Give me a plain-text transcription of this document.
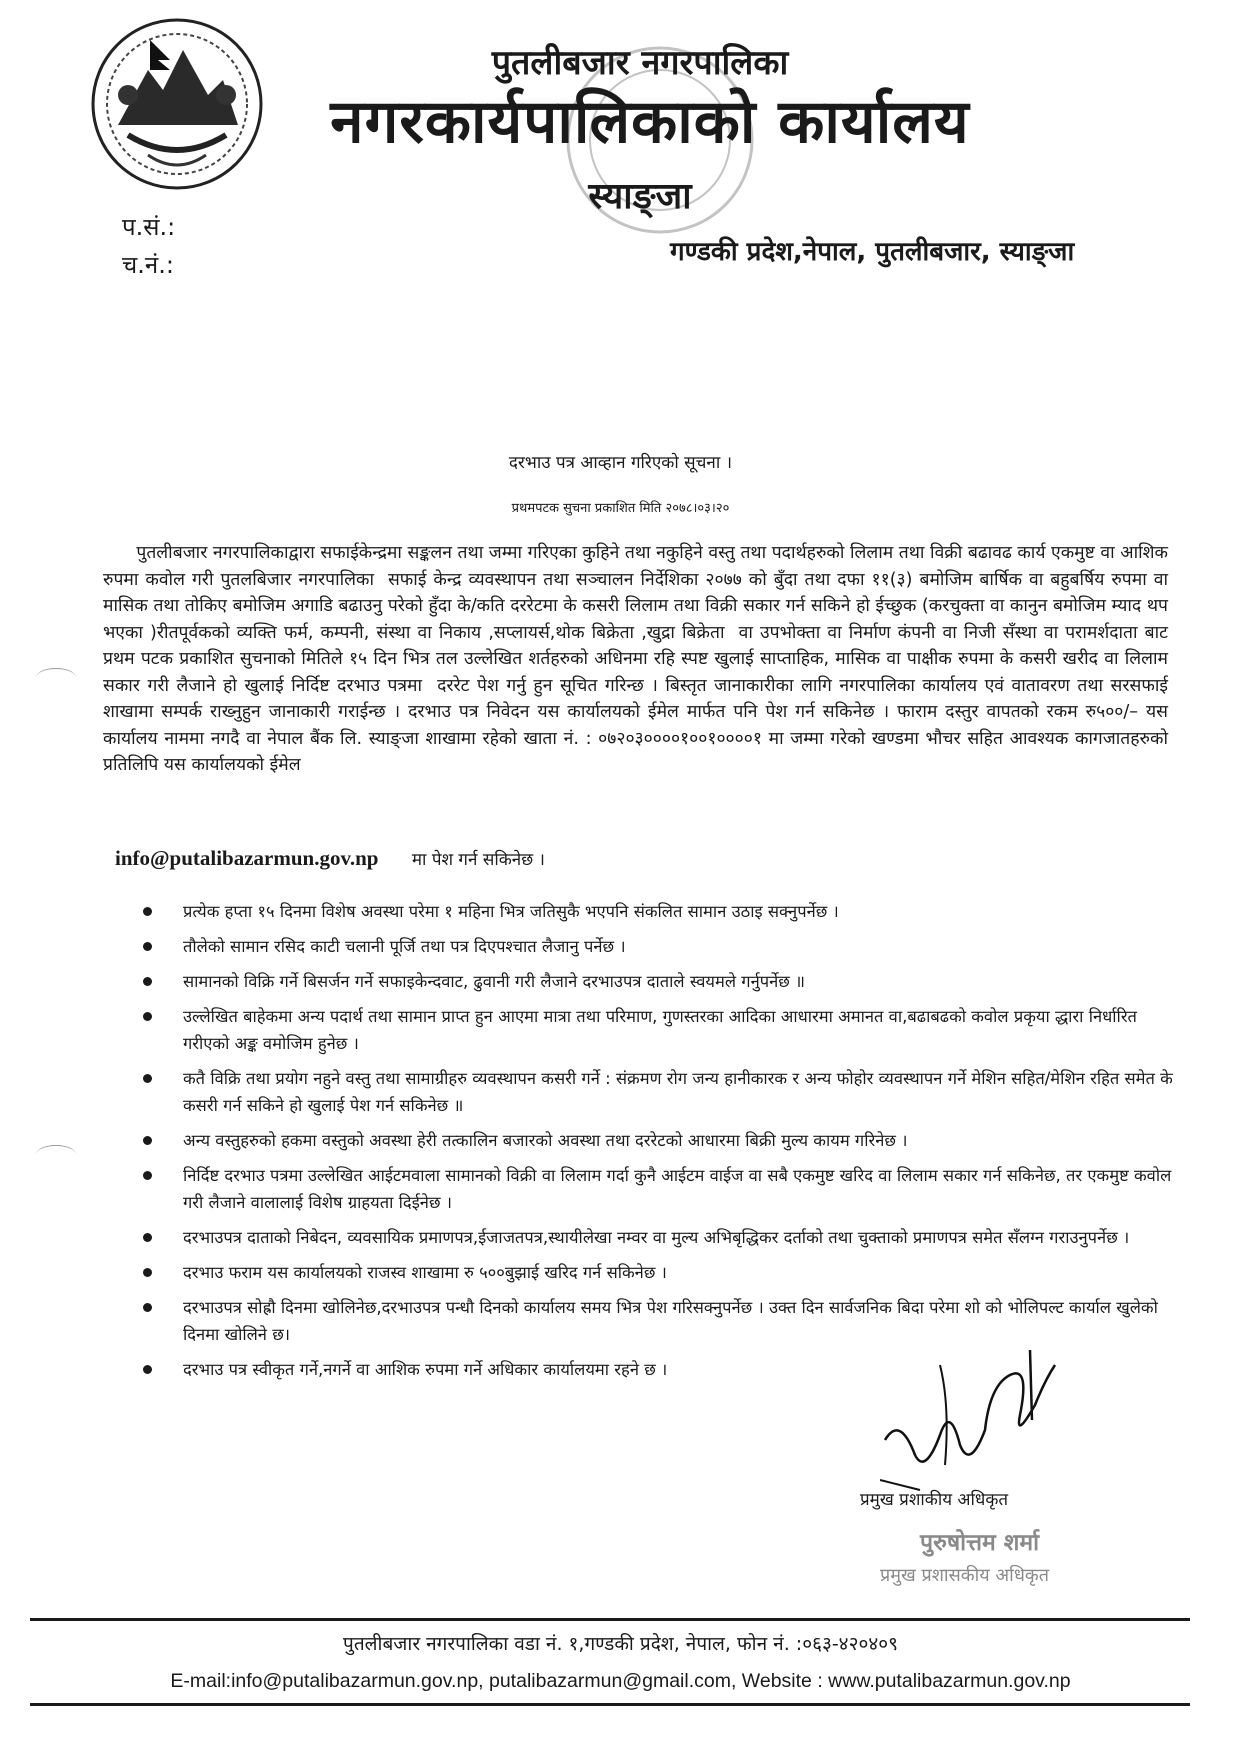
पुतलीबजार नगरपालिका
नगरकार्यपालिकाको कार्यालय
स्याङ्जा
प.सं.:
च.नं.:	गण्डकी प्रदेश,नेपाल, पुतलीबजार, स्याङ्जा
दरभाउ पत्र आव्हान गरिएको सूचना ।
प्रथमपटक सुचना प्रकाशित मिति २०७८।०३।२०
पुतलीबजार नगरपालिकाद्वारा सफाईकेन्द्रमा सङ्कलन तथा जम्मा गरिएका कुहिने तथा नकुहिने वस्तु तथा पदार्थहरुको लिलाम तथा विक्री बढावढ कार्य एकमुष्ट वा आशिक रुपमा कवोल गरी पुतलबिजार नगरपालिका  सफाई केन्द्र व्यवस्थापन तथा सञ्चालन निर्देशिका २०७७ को बुँदा तथा दफा ११(३) बमोजिम बार्षिक वा बहुबर्षिय रुपमा वा मासिक तथा तोकिए बमोजिम अगाडि बढाउनु परेको हुँदा के/कति दररेटमा के कसरी लिलाम तथा विक्री सकार गर्न सकिने हो ईच्छुक (करचुक्ता वा कानुन बमोजिम म्याद थप भएका )रीतपूर्वकको व्यक्ति फर्म, कम्पनी, संस्था वा निकाय ,सप्लायर्स,थोक बिक्रेता ,खुद्रा बिक्रेता  वा उपभोक्ता वा निर्माण कंपनी वा निजी सँस्था वा परामर्शदाता बाट प्रथम पटक प्रकाशित सुचनाको मितिले १५ दिन भित्र तल उल्लेखित शर्तहरुको अधिनमा रहि स्पष्ट खुलाई साप्ताहिक, मासिक वा पाक्षीक रुपमा के कसरी खरीद वा लिलाम सकार गरी लैजाने हो खुलाई निर्दिष्ट दरभाउ पत्रमा  दररेट पेश गर्नु हुन सूचित गरिन्छ । बिस्तृत जानाकारीका लागि नगरपालिका कार्यालय एवं वातावरण तथा सरसफाई शाखामा सम्पर्क राख्नुहुन जानाकारी गराईन्छ । दरभाउ पत्र निवेदन यस कार्यालयको ईमेल मार्फत पनि पेश गर्न सकिनेछ । फाराम दस्तुर वापतको रकम रु५००/– यस कार्यालय नाममा नगदै वा नेपाल बैंक लि. स्याङ्जा शाखामा रहेको खाता नं. : ०७२०३००००१००१००००१ मा जम्मा गरेको खण्डमा भौचर सहित आवश्यक कागजातहरुको प्रतिलिपि यस कार्यालयको ईमेल
info@putalibazarmun.gov.np मा पेश गर्न सकिनेछ ।
प्रत्येक हप्ता १५ दिनमा विशेष अवस्था परेमा १ महिना भित्र जतिसुकै भएपनि संकलित सामान उठाइ सक्नुपर्नेछ ।
तौलेको सामान रसिद काटी चलानी पूर्जि तथा पत्र दिएपश्चात लैजानु पर्नेछ ।
सामानको विक्रि गर्ने बिसर्जन गर्ने सफाइकेन्दवाट, ढुवानी गरी लैजाने दरभाउपत्र दाताले स्वयमले गर्नुपर्नेछ ॥
उल्लेखित बाहेकमा अन्य पदार्थ तथा सामान प्राप्त हुन आएमा मात्रा तथा परिमाण, गुणस्तरका आदिका आधारमा अमानत वा,बढाबढको कवोल प्रकृया द्धारा निर्धारित गरीएको अङ्क वमोजिम हुनेछ ।
कतै विक्रि तथा प्रयोग नहुने वस्तु तथा सामाग्रीहरु व्यवस्थापन कसरी गर्ने : संक्रमण रोग जन्य हानीकारक र अन्य फोहोर व्यवस्थापन गर्ने मेशिन सहित/मेशिन रहित समेत के कसरी गर्न सकिने हो खुलाई पेश गर्न सकिनेछ ॥
अन्य वस्तुहरुको हकमा वस्तुको अवस्था हेरी तत्कालिन बजारको अवस्था तथा दररेटको आधारमा बिक्री मुल्य कायम गरिनेछ ।
निर्दिष्ट दरभाउ पत्रमा उल्लेखित आईटमवाला सामानको विक्री वा लिलाम गर्दा कुनै आईटम वाईज वा सबै एकमुष्ट खरिद वा लिलाम सकार गर्न सकिनेछ, तर एकमुष्ट कवोल गरी लैजाने वालालाई विशेष ग्राहयता दिईनेछ ।
दरभाउपत्र दाताको निबेदन, व्यवसायिक प्रमाणपत्र,ईजाजतपत्र,स्थायीलेखा नम्वर वा मुल्य अभिबृद्धिकर दर्ताको तथा चुक्ताको प्रमाणपत्र समेत सँलग्न गराउनुपर्नेछ ।
दरभाउ फराम यस कार्यालयको राजस्व शाखामा रु ५००बुझाई खरिद गर्न सकिनेछ ।
दरभाउपत्र सोह्रौ दिनमा खोलिनेछ,दरभाउपत्र पन्धौ दिनको कार्यालय समय भित्र पेश गरिसक्नुपर्नेछ । उक्त दिन सार्वजनिक बिदा परेमा शो को भोलिपल्ट कार्याल खुलेको दिनमा खोलिने छ।
दरभाउ पत्र स्वीकृत गर्ने,नगर्ने वा आशिक रुपमा गर्ने अधिकार कार्यालयमा रहने छ ।
प्रमुख प्रशाकीय अधिकृत
पुरुषोत्तम शर्मा
प्रमुख प्रशासकीय अधिकृत
पुतलीबजार नगरपालिका वडा नं. १,गण्डकी प्रदेश, नेपाल, फोन नं. :०६३-४२०४०९
E-mail:info@putalibazarmun.gov.np, putalibazarmun@gmail.com, Website : www.putalibazarmun.gov.np
